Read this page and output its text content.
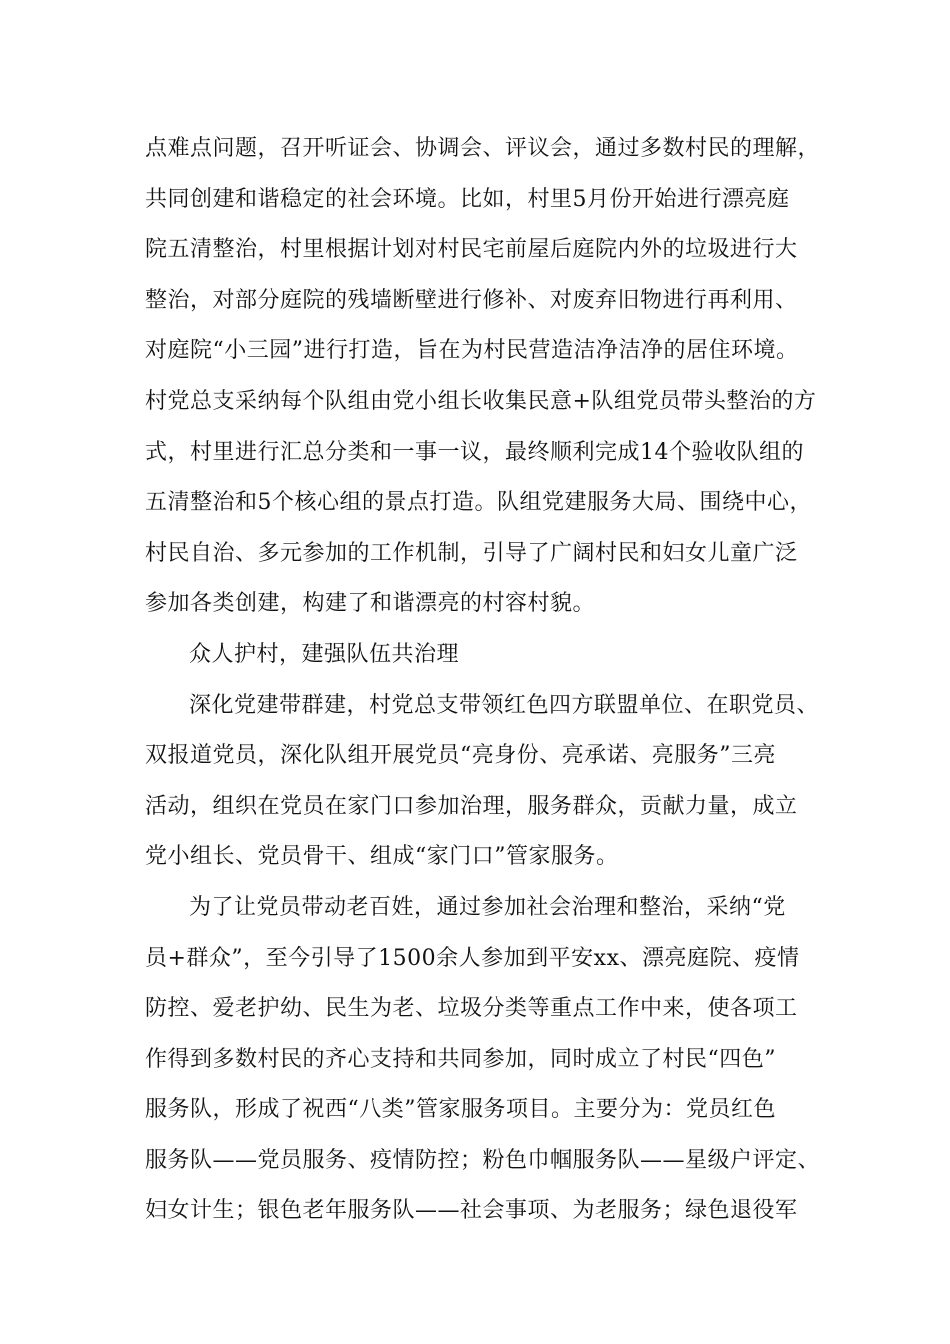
点难点问题，召开听证会、协调会、评议会，通过多数村民的理解，
共同创建和谐稳定的社会环境。比如，村里5月份开始进行漂亮庭
院五清整治，村里根据计划对村民宅前屋后庭院内外的垃圾进行大
整治，对部分庭院的残墙断壁进行修补、对废弃旧物进行再利用、
对庭院“小三园”进行打造，旨在为村民营造洁净洁净的居住环境。
村党总支采纳每个队组由党小组长收集民意+队组党员带头整治的方
式，村里进行汇总分类和一事一议，最终顺利完成14个验收队组的
五清整治和5个核心组的景点打造。队组党建服务大局、围绕中心，
村民自治、多元参加的工作机制，引导了广阔村民和妇女儿童广泛
参加各类创建，构建了和谐漂亮的村容村貌。
众人护村，建强队伍共治理
深化党建带群建，村党总支带领红色四方联盟单位、在职党员、
双报道党员，深化队组开展党员“亮身份、亮承诺、亮服务”三亮
活动，组织在党员在家门口参加治理，服务群众，贡献力量，成立
党小组长、党员骨干、组成“家门口”管家服务。
为了让党员带动老百姓，通过参加社会治理和整治，采纳“党
员+群众”，至今引导了1500余人参加到平安xx、漂亮庭院、疫情
防控、爱老护幼、民生为老、垃圾分类等重点工作中来，使各项工
作得到多数村民的齐心支持和共同参加，同时成立了村民“四色”
服务队，形成了祝西“八类”管家服务项目。主要分为：党员红色
服务队——党员服务、疫情防控；粉色巾帼服务队——星级户评定、
妇女计生；银色老年服务队——社会事项、为老服务；绿色退役军
